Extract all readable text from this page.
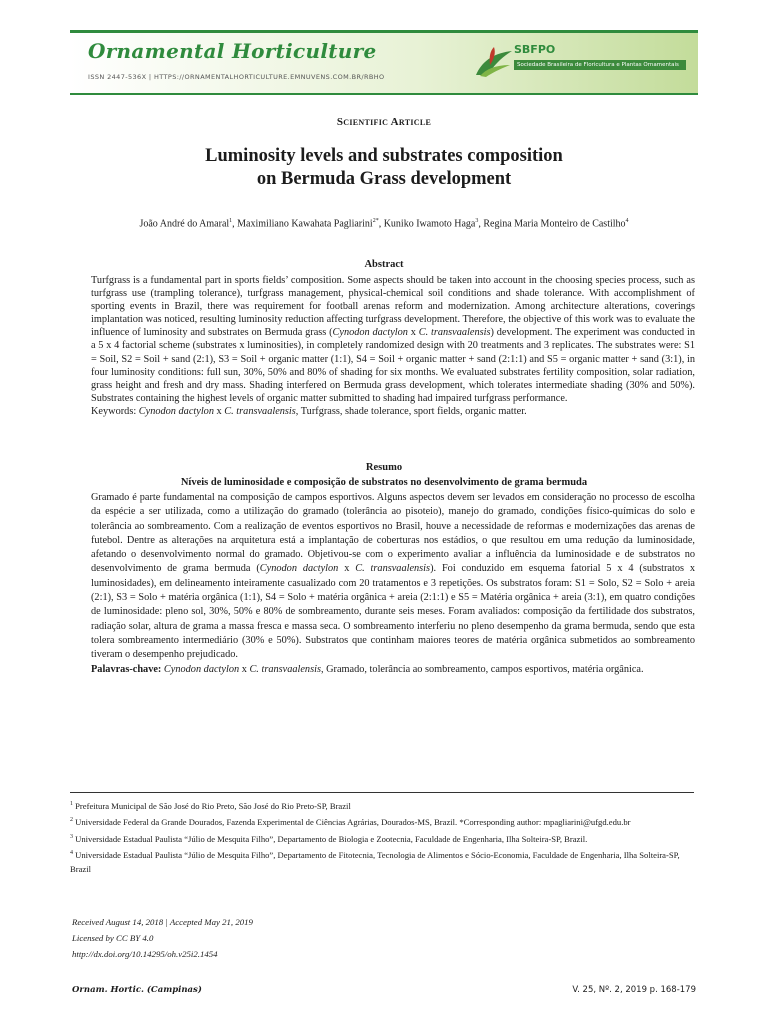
Ornamental Horticulture
ISSN 2447-536X | HTTPS://ORNAMENTALHORTICULTURE.EMNUVENS.COM.BR/RBHO
SBFPO
Sociedade Brasileira de Floricultura e Plantas Ornamentais
Scientific Article
Luminosity levels and substrates composition
on Bermuda Grass development
João André do Amaral$^1$, Maximiliano Kawahata Pagliarini$^{2*}$, Kuniko Iwamoto Haga$^3$, Regina Maria Monteiro de Castilho$^4$
Abstract
Turfgrass is a fundamental part in sports fields’ composition. Some aspects should be taken into account in the choosing species process, such as turfgrass use (trampling tolerance), turfgrass management, physical-chemical soil conditions and shade tolerance. With accomplishment of sporting events in Brazil, there was requirement for football arenas reform and modernization. Among architecture alterations, coverings implantation was noticed, resulting luminosity reduction affecting turfgrass development. Therefore, the objective of this work was to evaluate the influence of luminosity and substrates on Bermuda grass (Cynodon dactylon x C. transvaalensis) development. The experiment was conducted in a 5 x 4 factorial scheme (substrates x luminosities), in completely randomized design with 20 treatments and 3 replicates. The substrates were: S1 = Soil, S2 = Soil + sand (2:1), S3 = Soil + organic matter (1:1), S4 = Soil + organic matter + sand (2:1:1) and S5 = organic matter + sand (3:1), in four luminosity conditions: full sun, 30%, 50% and 80% of shading for six months. We evaluated substrates fertility composition, solar radiation, grass height and fresh and dry mass. Shading interfered on Bermuda grass development, which tolerates intermediate shading (30% and 50%). Substrates containing the highest levels of organic matter submitted to shading had impaired turfgrass performance.
Keywords: Cynodon dactylon x C. transvaalensis, Turfgrass, shade tolerance, sport fields, organic matter.
Resumo
Níveis de luminosidade e composição de substratos no desenvolvimento de grama bermuda
Gramado é parte fundamental na composição de campos esportivos. Alguns aspectos devem ser levados em consideração no processo de escolha da espécie a ser utilizada, como a utilização do gramado (tolerância ao pisoteio), manejo do gramado, condições físico-químicas do solo e tolerância ao sombreamento. Com a realização de eventos esportivos no Brasil, houve a necessidade de reformas e modernizações das arenas de futebol. Dentre as alterações na arquitetura está a implantação de coberturas nos estádios, o que resultou em uma redução da luminosidade, afetando o desenvolvimento normal do gramado. Objetivou-se com o experimento avaliar a influência da luminosidade e de substratos no desenvolvimento de grama bermuda (Cynodon dactylon x C. transvaalensis). Foi conduzido em esquema fatorial 5 x 4 (substratos x luminosidades), em delineamento inteiramente casualizado com 20 tratamentos e 3 repetições. Os substratos foram: S1 = Solo, S2 = Solo + areia (2:1), S3 = Solo + matéria orgânica (1:1), S4 = Solo + matéria orgânica + areia (2:1:1) e S5 = Matéria orgânica + areia (3:1), em quatro condições de luminosidade: pleno sol, 30%, 50% e 80% de sombreamento, durante seis meses. Foram avaliados: composição da fertilidade dos substratos, radiação solar, altura de grama a massa fresca e massa seca. O sombreamento interferiu no pleno desempenho da grama bermuda, sendo que esta tolera sombreamento intermediário (30% e 50%). Substratos que continham maiores teores de matéria orgânica submetidos ao sombreamento tiveram o desempenho prejudicado.
Palavras-chave: Cynodon dactylon x C. transvaalensis, Gramado, tolerância ao sombreamento, campos esportivos, matéria orgânica.

$^1$ Prefeitura Municipal de São José do Rio Preto, São José do Rio Preto-SP, Brazil

$^2$ Universidade Federal da Grande Dourados, Fazenda Experimental de Ciências Agrárias, Dourados-MS, Brazil. *Corresponding author: mpagliarini@ufgd.edu.br

$^3$ Universidade Estadual Paulista “Júlio de Mesquita Filho”, Departamento de Biologia e Zootecnia, Faculdade de Engenharia, Ilha Solteira-SP, Brazil.

$^4$ Universidade Estadual Paulista “Júlio de Mesquita Filho”, Departamento de Fitotecnia, Tecnologia de Alimentos e Sócio-Economia, Faculdade de Engenharia, Ilha Solteira-SP, Brazil

Received August 14, 2018 | Accepted May 21, 2019
Licensed by CC BY 4.0
http://dx.doi.org/10.14295/oh.v25i2.1454
Ornam. Hortic. (Campinas)	V. 25, Nº. 2, 2019 p. 168-179
